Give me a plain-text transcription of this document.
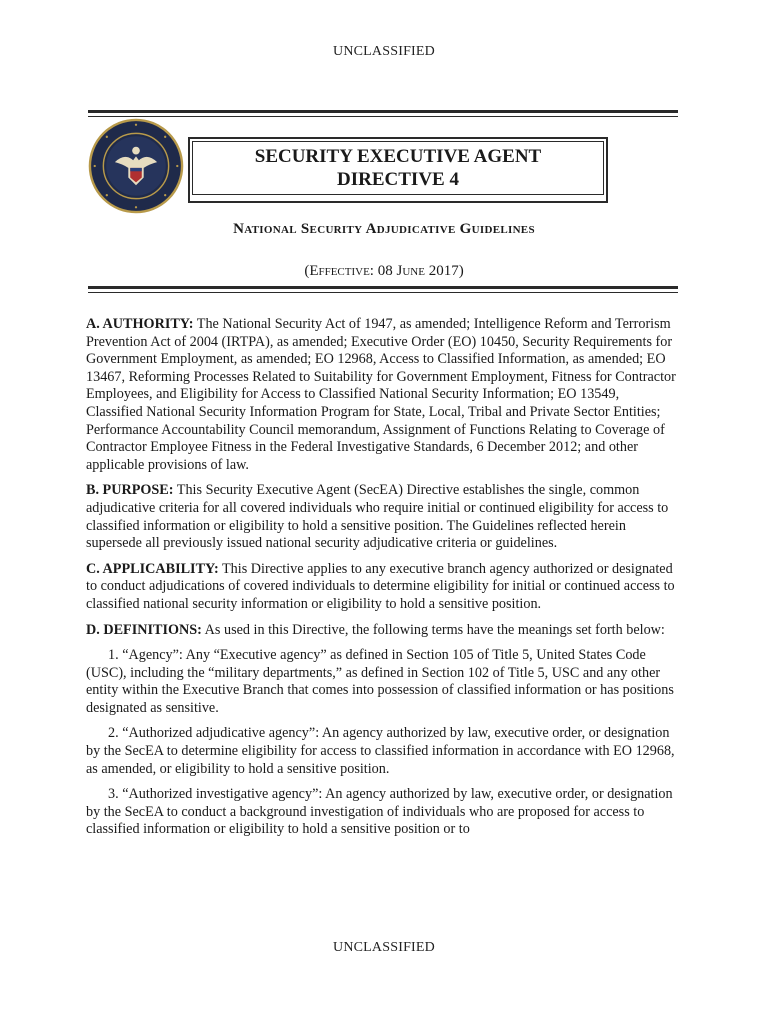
UNCLASSIFIED
SECURITY EXECUTIVE AGENT
DIRECTIVE 4
National Security Adjudicative Guidelines
(Effective: 08 June 2017)

A. AUTHORITY: The National Security Act of 1947, as amended; Intelligence Reform and Terrorism Prevention Act of 2004 (IRTPA), as amended; Executive Order (EO) 10450, Security Requirements for Government Employment, as amended; EO 12968, Access to Classified Information, as amended; EO 13467, Reforming Processes Related to Suitability for Government Employment, Fitness for Contractor Employees, and Eligibility for Access to Classified National Security Information; EO 13549, Classified National Security Information Program for State, Local, Tribal and Private Sector Entities; Performance Accountability Council memorandum, Assignment of Functions Relating to Coverage of Contractor Employee Fitness in the Federal Investigative Standards, 6 December 2012; and other applicable provisions of law.

B. PURPOSE: This Security Executive Agent (SecEA) Directive establishes the single, common adjudicative criteria for all covered individuals who require initial or continued eligibility for access to classified information or eligibility to hold a sensitive position. The Guidelines reflected herein supersede all previously issued national security adjudicative criteria or guidelines.

C. APPLICABILITY: This Directive applies to any executive branch agency authorized or designated to conduct adjudications of covered individuals to determine eligibility for initial or continued access to classified national security information or eligibility to hold a sensitive position.

D. DEFINITIONS: As used in this Directive, the following terms have the meanings set forth below:

1. “Agency”: Any “Executive agency” as defined in Section 105 of Title 5, United States Code (USC), including the “military departments,” as defined in Section 102 of Title 5, USC and any other entity within the Executive Branch that comes into possession of classified information or has positions designated as sensitive.

2. “Authorized adjudicative agency”: An agency authorized by law, executive order, or designation by the SecEA to determine eligibility for access to classified information in accordance with EO 12968, as amended, or eligibility to hold a sensitive position.

3. “Authorized investigative agency”: An agency authorized by law, executive order, or designation by the SecEA to conduct a background investigation of individuals who are proposed for access to classified information or eligibility to hold a sensitive position or to

UNCLASSIFIED
